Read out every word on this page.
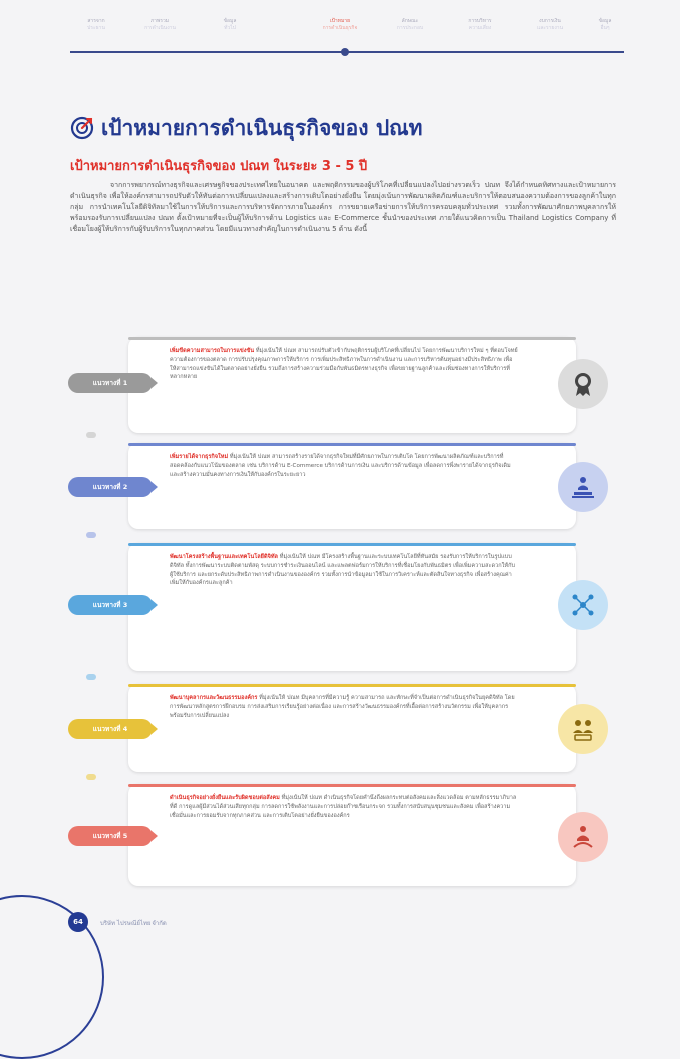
สารจาก
ประธาน
ภาพรวม
การดำเนินงาน
ข้อมูล
ทั่วไป
เป้าหมาย
การดำเนินธุรกิจ
ลักษณะ
การประกอบ
การบริหาร
ความเสี่ยง
งบการเงิน
และรายงาน
ข้อมูล
อื่นๆ
เป้าหมายการดำเนินธุรกิจของ ปณท
เป้าหมายการดำเนินธุรกิจของ ปณท ในระยะ 3 - 5 ปี

จากการพยากรณ์ทางธุรกิจและเศรษฐกิจของประเทศไทยในอนาคต และพฤติกรรมของผู้บริโภคที่เปลี่ยนแปลงไปอย่างรวดเร็ว ปณท จึงได้กำหนดทิศทางและเป้าหมายการดำเนินธุรกิจ เพื่อให้องค์กรสามารถปรับตัวให้ทันต่อการเปลี่ยนแปลงและสร้างการเติบโตอย่างยั่งยืน โดยมุ่งเน้นการพัฒนาผลิตภัณฑ์และบริการให้ตอบสนองความต้องการของลูกค้าในทุกกลุ่ม การนำเทคโนโลยีดิจิทัลมาใช้ในการให้บริการและการบริหารจัดการภายในองค์กร การขยายเครือข่ายการให้บริการครอบคลุมทั่วประเทศ รวมทั้งการพัฒนาศักยภาพบุคลากรให้พร้อมรองรับการเปลี่ยนแปลง ปณท ตั้งเป้าหมายที่จะเป็นผู้ให้บริการด้าน Logistics และ E-Commerce ชั้นนำของประเทศ ภายใต้แนวคิดการเป็น Thailand Logistics Company ที่เชื่อมโยงผู้ให้บริการกับผู้รับบริการในทุกภาคส่วน โดยมีแนวทางสำคัญในการดำเนินงาน 5 ด้าน ดังนี้

เพิ่มขีดความสามารถในการแข่งขัน ที่มุ่งเน้นให้ ปณท สามารถปรับตัวเข้ากับพฤติกรรมผู้บริโภคที่เปลี่ยนไป โดยการพัฒนาบริการใหม่ ๆ ที่ตอบโจทย์ความต้องการของตลาด การปรับปรุงคุณภาพการให้บริการ การเพิ่มประสิทธิภาพในการดำเนินงาน และการบริหารต้นทุนอย่างมีประสิทธิภาพ เพื่อให้สามารถแข่งขันได้ในตลาดอย่างยั่งยืน รวมถึงการสร้างความร่วมมือกับพันธมิตรทางธุรกิจ เพื่อขยายฐานลูกค้าและเพิ่มช่องทางการให้บริการที่หลากหลาย

แนวทางที่ 1

เพิ่มรายได้จากธุรกิจใหม่ ที่มุ่งเน้นให้ ปณท สามารถสร้างรายได้จากธุรกิจใหม่ที่มีศักยภาพในการเติบโต โดยการพัฒนาผลิตภัณฑ์และบริการที่สอดคล้องกับแนวโน้มของตลาด เช่น บริการด้าน E-Commerce บริการด้านการเงิน และบริการด้านข้อมูล เพื่อลดการพึ่งพารายได้จากธุรกิจเดิม และสร้างความมั่นคงทางการเงินให้กับองค์กรในระยะยาว

แนวทางที่ 2

พัฒนาโครงสร้างพื้นฐานและเทคโนโลยีดิจิทัล ที่มุ่งเน้นให้ ปณท มีโครงสร้างพื้นฐานและระบบเทคโนโลยีที่ทันสมัย รองรับการให้บริการในรูปแบบดิจิทัล ทั้งการพัฒนาระบบติดตามพัสดุ ระบบการชำระเงินออนไลน์ และแพลตฟอร์มการให้บริการที่เชื่อมโยงกับพันธมิตร เพื่อเพิ่มความสะดวกให้กับผู้ใช้บริการ และยกระดับประสิทธิภาพการดำเนินงานขององค์กร รวมทั้งการนำข้อมูลมาใช้ในการวิเคราะห์และตัดสินใจทางธุรกิจ เพื่อสร้างคุณค่าเพิ่มให้กับองค์กรและลูกค้า

แนวทางที่ 3

พัฒนาบุคลากรและวัฒนธรรมองค์กร ที่มุ่งเน้นให้ ปณท มีบุคลากรที่มีความรู้ ความสามารถ และทักษะที่จำเป็นต่อการดำเนินธุรกิจในยุคดิจิทัล โดยการพัฒนาหลักสูตรการฝึกอบรม การส่งเสริมการเรียนรู้อย่างต่อเนื่อง และการสร้างวัฒนธรรมองค์กรที่เอื้อต่อการสร้างนวัตกรรม เพื่อให้บุคลากรพร้อมรับการเปลี่ยนแปลง

แนวทางที่ 4

ดำเนินธุรกิจอย่างยั่งยืนและรับผิดชอบต่อสังคม ที่มุ่งเน้นให้ ปณท ดำเนินธุรกิจโดยคำนึงถึงผลกระทบต่อสังคมและสิ่งแวดล้อม ตามหลักธรรมาภิบาลที่ดี การดูแลผู้มีส่วนได้ส่วนเสียทุกกลุ่ม การลดการใช้พลังงานและการปล่อยก๊าซเรือนกระจก รวมทั้งการสนับสนุนชุมชนและสังคม เพื่อสร้างความเชื่อมั่นและการยอมรับจากทุกภาคส่วน และการเติบโตอย่างยั่งยืนขององค์กร

แนวทางที่ 5
64	บริษัท ไปรษณีย์ไทย จำกัด
